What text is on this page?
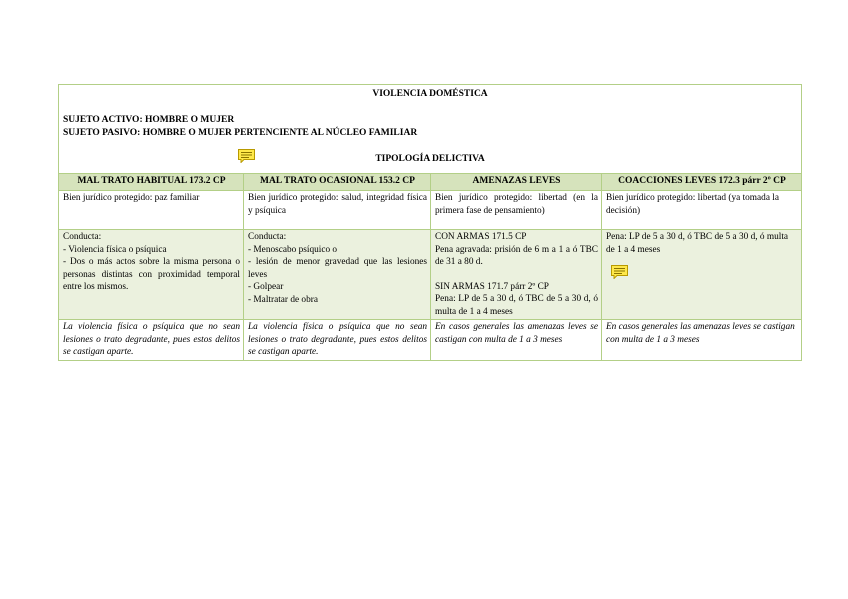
VIOLENCIA DOMÉSTICA
SUJETO ACTIVO: HOMBRE O MUJER
SUJETO PASIVO: HOMBRE O MUJER PERTENCIENTE AL NÚCLEO FAMILIAR
TIPOLOGÍA DELICTIVA			

MAL TRATO HABITUAL 173.2 CP	MAL TRATO OCASIONAL 153.2 CP	AMENAZAS LEVES	COACCIONES LEVES 172.3 párr 2º CP
Bien jurídico protegido: paz familiar	Bien jurídico protegido: salud, integridad física y psíquica	Bien jurídico protegido: libertad (en la primera fase de pensamiento)	Bien jurídico protegido: libertad (ya tomada la decisión)

Conducta:
- Violencia física o psíquica
- Dos o más actos sobre la misma persona o personas distintas con proximidad temporal entre los mismos.	Conducta:
- Menoscabo psíquico o
- lesión de menor gravedad que las lesiones leves
- Golpear
- Maltratar de obra	CON ARMAS 171.5 CP
Pena agravada: prisión de 6 m a 1 a ó TBC de 31 a 80 d.
SIN ARMAS 171.7 párr 2º CP
Pena: LP de 5 a 30 d, ó TBC de 5 a 30 d, ó multa de 1 a 4 meses	Pena: LP de 5 a 30 d, ó TBC de 5 a 30 d, ó multa de 1 a 4 meses

La violencia física o psíquica que no sean lesiones o trato degradante, pues estos delitos se castigan aparte.	La violencia física o psíquica que no sean lesiones o trato degradante, pues estos delitos se castigan aparte.	En casos generales las amenazas leves se castigan con multa de 1 a 3 meses	En casos generales las amenazas leves se castigan con multa de 1 a 3 meses
